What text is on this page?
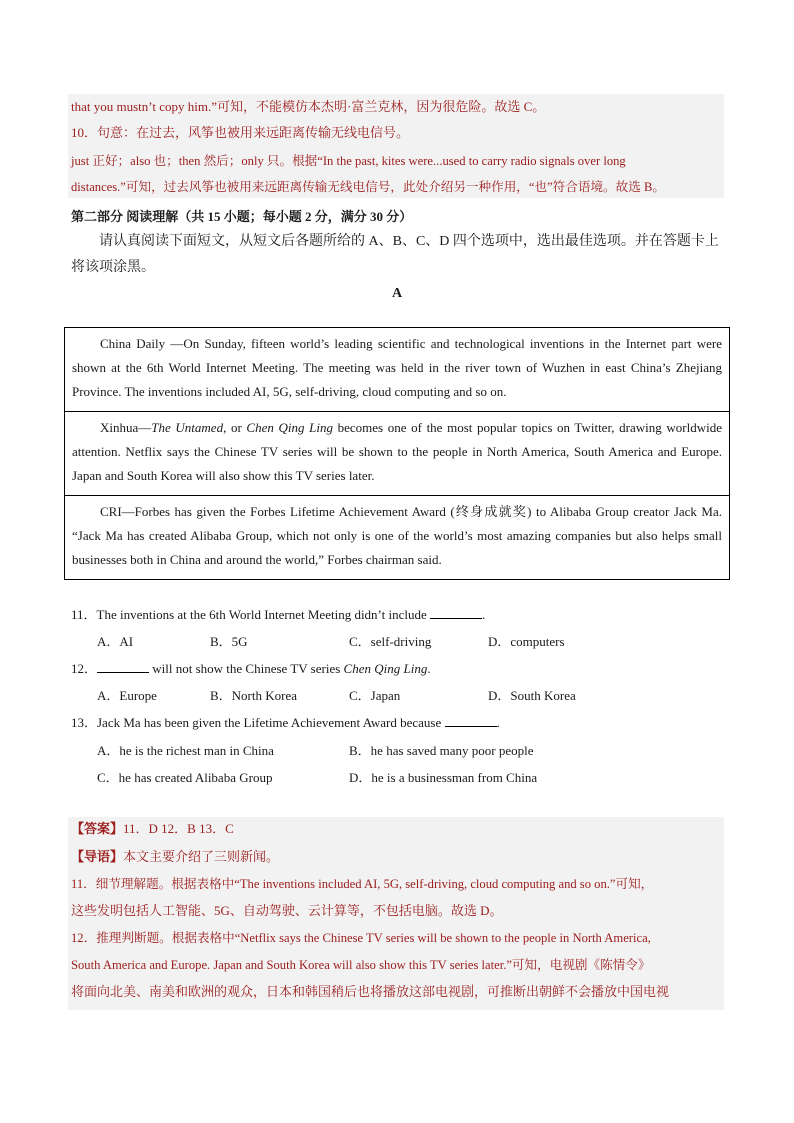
that you mustn’t copy him.”可知，不能模仿本杰明·富兰克林，因为很危险。故选 C。
10．句意：在过去，风筝也被用来远距离传输无线电信号。
just 正好；also 也；then 然后；only 只。根据“In the past, kites were...used to carry radio signals over long
distances.”可知，过去风筝也被用来远距离传输无线电信号，此处介绍另一种作用，“也”符合语境。故选 B。
第二部分 阅读理解（共 15 小题；每小题 2 分，满分 30 分）
请认真阅读下面短文，从短文后各题所给的 A、B、C、D 四个选项中，选出最佳选项。并在答题卡上将该项涂黑。
A
China Daily —On Sunday, fifteen world’s leading scientific and technological inventions in the Internet part were shown at the 6th World Internet Meeting. The meeting was held in the river town of Wuzhen in east China’s Zhejiang Province. The inventions included AI, 5G, self-driving, cloud computing and so on.
Xinhua—The Untamed, or Chen Qing Ling becomes one of the most popular topics on Twitter, drawing worldwide attention. Netflix says the Chinese TV series will be shown to the people in North America, South America and Europe. Japan and South Korea will also show this TV series later.
CRI—Forbes has given the Forbes Lifetime Achievement Award (终身成就奖) to Alibaba Group creator Jack Ma. “Jack Ma has created Alibaba Group, which not only is one of the world’s most amazing companies but also helps small businesses both in China and around the world,” Forbes chairman said.
11．The inventions at the 6th World Internet Meeting didn’t include	.
A．AI	B．5G	C．self-driving	D．computers
12．	will not show the Chinese TV series Chen Qing Ling.
A．Europe	B．North Korea	C．Japan	D．South Korea
13．Jack Ma has been given the Lifetime Achievement Award because	.
A．he is the richest man in China	B．he has saved many poor people
C．he has created Alibaba Group	D．he is a businessman from China
【答案】11．D 12．B 13．C
【导语】本文主要介绍了三则新闻。
11．细节理解题。根据表格中“The inventions included AI, 5G, self-driving, cloud computing and so on.”可知，
这些发明包括人工智能、5G、自动驾驶、云计算等，不包括电脑。故选 D。
12．推理判断题。根据表格中“Netflix says the Chinese TV series will be shown to the people in North America,
South America and Europe. Japan and South Korea will also show this TV series later.”可知，电视剧《陈情令》
将面向北美、南美和欧洲的观众，日本和韩国稍后也将播放这部电视剧，可推断出朝鲜不会播放中国电视
